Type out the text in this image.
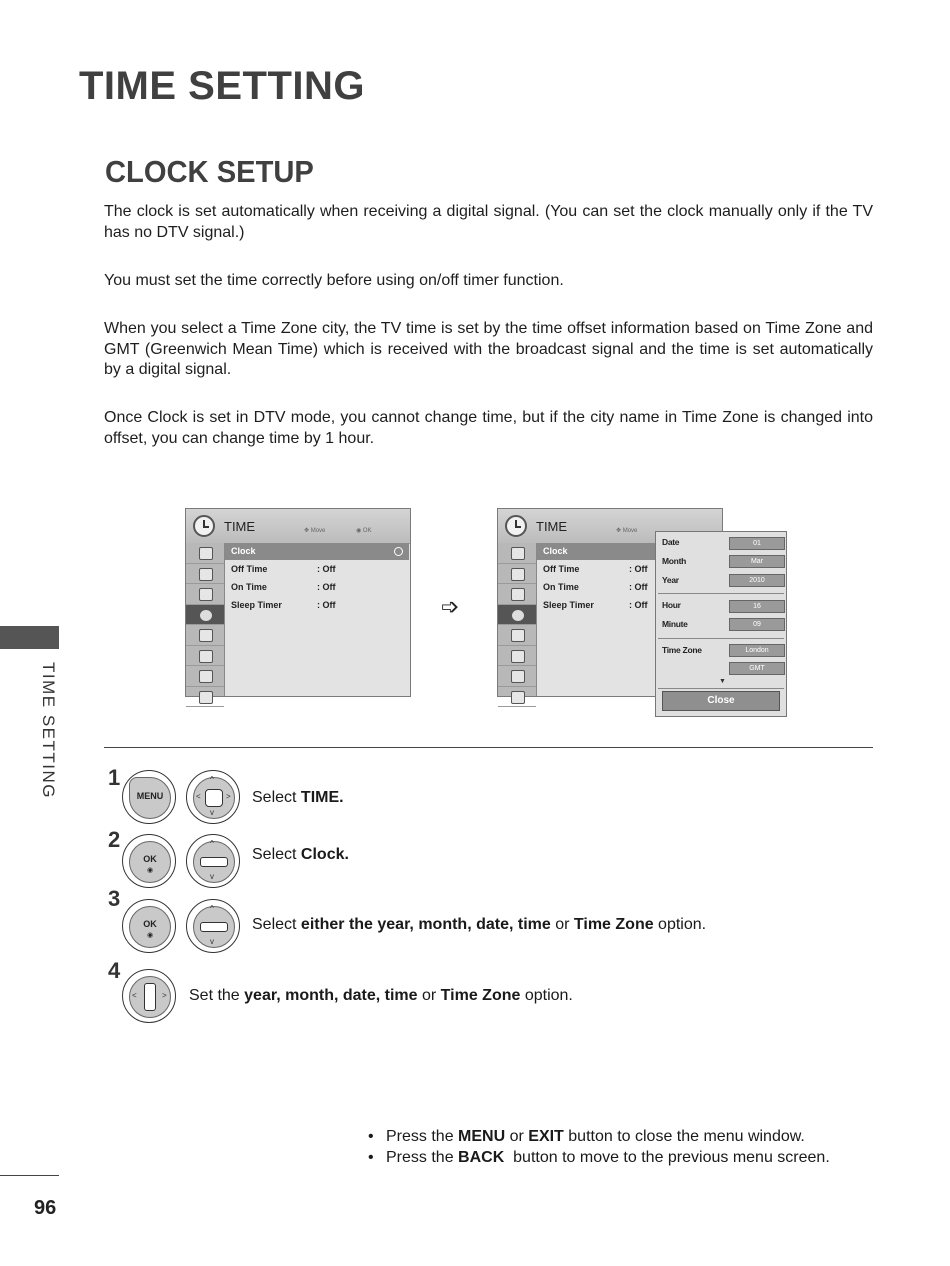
TIME SETTING
CLOCK SETUP

The clock is set automatically when receiving a digital signal. (You can set the clock manually only if the TV has no DTV signal.)

You must set the time correctly before using on/off timer function.

When you select a Time Zone city, the TV time is set by the time offset information based on Time Zone and GMT (Greenwich Mean Time) which is received with the broadcast signal and the time is set automatically by a digital signal.

Once Clock is set in DTV mode, you cannot change time, but if the city name in Time Zone is changed into offset, you can change time by 1 hour.

TIME	✥ Move	◉ OK
Clock
Off Time	: Off
On Time	: Off
Sleep Timer	: Off	➩
TIME	✥ Move
Clock
Off Time	: Off
On Time	: Off
Sleep Timer	: Off
Date	01
Month	Mar
Year	2010
Hour	16
Minute	09
Time Zone	London
GMT
▼
Close
1
MENU
^
v
<	> Select TIME.
2
OK
◉
^
v
Select Clock.
3
OK
◉
^
v
Select either the year, month, date, time or Time Zone option.
4
<	> Set the year, month, date, time or Time Zone option.
• Press the MENU or EXIT button to close the menu window.
• Press the BACK  button to move to the previous menu screen.
TIME SETTING
96
